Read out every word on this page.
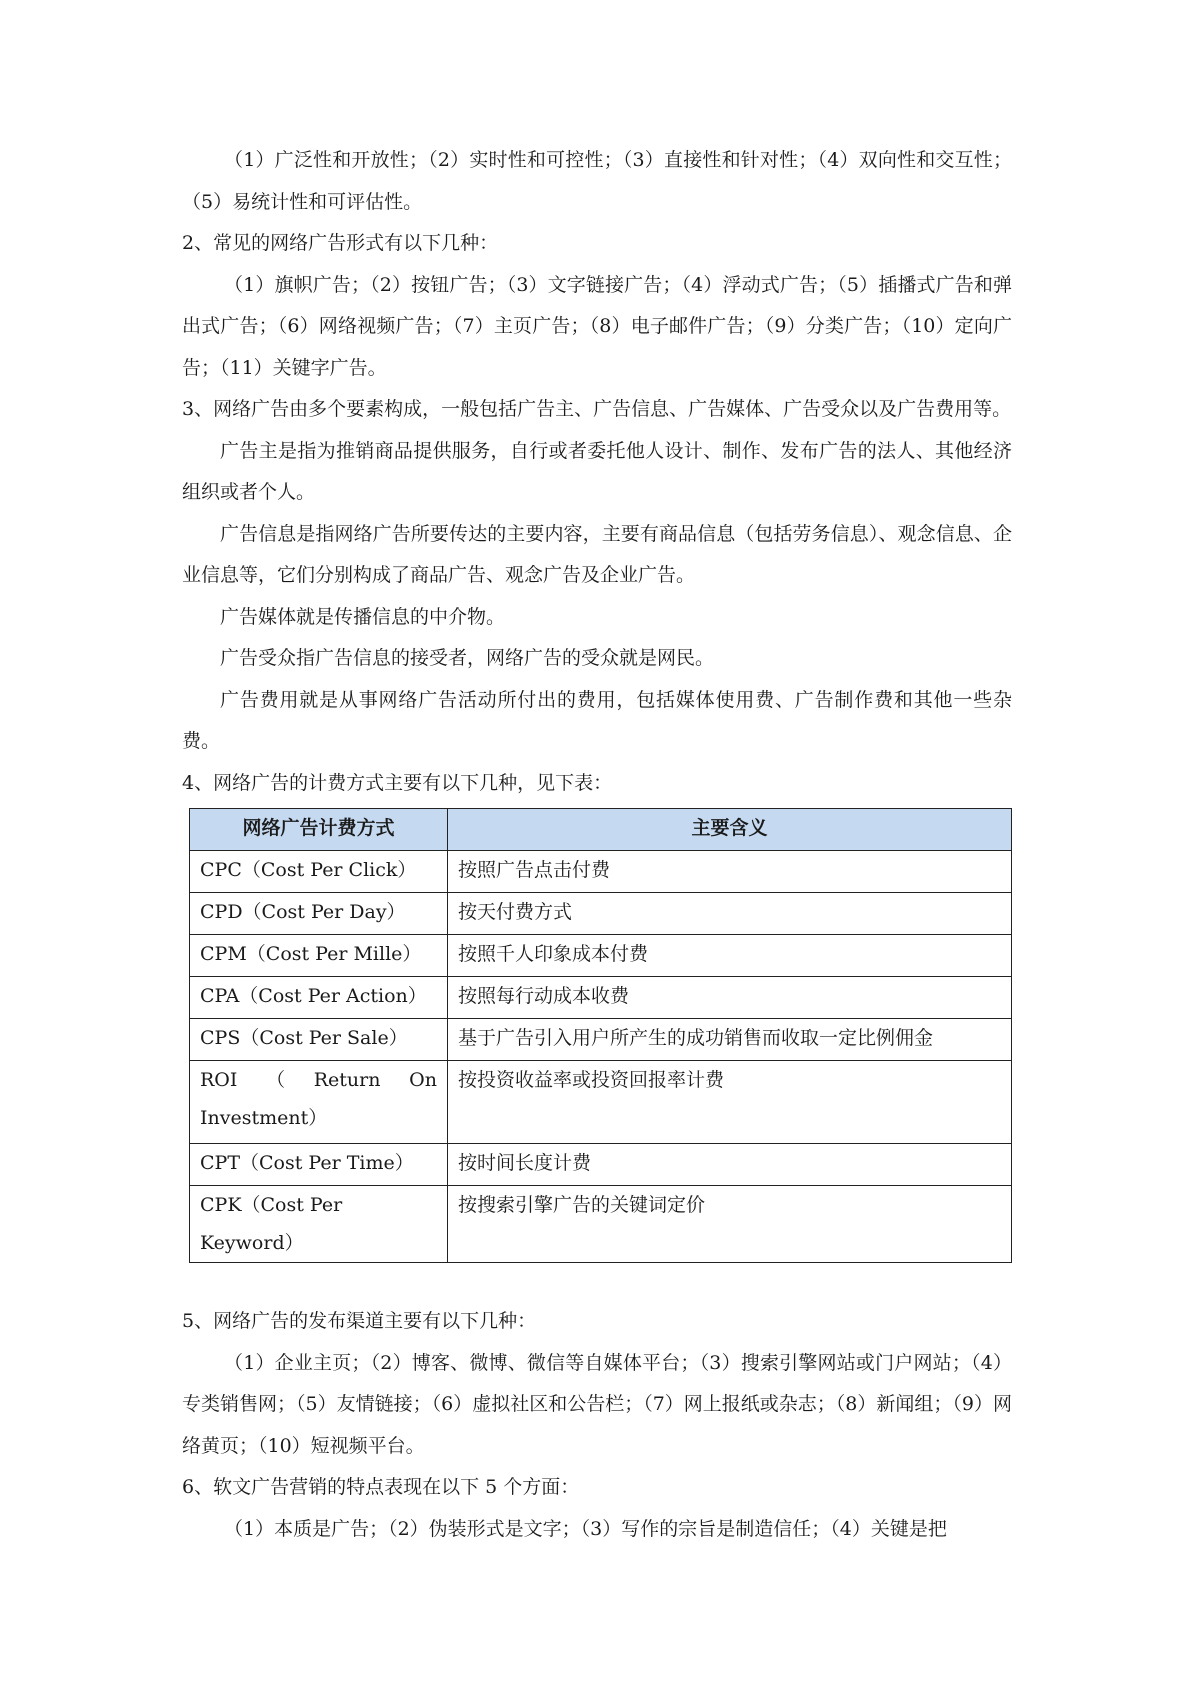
（1）广泛性和开放性；（2）实时性和可控性；（3）直接性和针对性；（4）双向性和交互性；（5）易统计性和可评估性。

2、常见的网络广告形式有以下几种：

（1）旗帜广告；（2）按钮广告；（3）文字链接广告；（4）浮动式广告；（5）插播式广告和弹出式广告；（6）网络视频广告；（7）主页广告；（8）电子邮件广告；（9）分类广告；（10）定向广告；（11）关键字广告。

3、网络广告由多个要素构成，一般包括广告主、广告信息、广告媒体、广告受众以及广告费用等。

广告主是指为推销商品提供服务，自行或者委托他人设计、制作、发布广告的法人、其他经济组织或者个人。

广告信息是指网络广告所要传达的主要内容，主要有商品信息（包括劳务信息）、观念信息、企业信息等，它们分别构成了商品广告、观念广告及企业广告。

广告媒体就是传播信息的中介物。

广告受众指广告信息的接受者，网络广告的受众就是网民。

广告费用就是从事网络广告活动所付出的费用，包括媒体使用费、广告制作费和其他一些杂费。

4、网络广告的计费方式主要有以下几种，见下表：

网络广告计费方式	主要含义
CPC（Cost Per Click）	按照广告点击付费
CPD（Cost Per Day）	按天付费方式
CPM（Cost Per Mille）	按照千人印象成本付费
CPA（Cost Per Action）	按照每行动成本收费
CPS（Cost Per Sale）	基于广告引入用户所产生的成功销售而收取一定比例佣金

ROI （ Return On
Investment）	按投资收益率或投资回报率计费
CPT（Cost Per Time）	按时间长度计费
CPK（Cost Per Keyword）	按搜索引擎广告的关键词定价

5、网络广告的发布渠道主要有以下几种：

（1）企业主页；（2）博客、微博、微信等自媒体平台；（3）搜索引擎网站或门户网站；（4）专类销售网；（5）友情链接；（6）虚拟社区和公告栏；（7）网上报纸或杂志；（8）新闻组；（9）网络黄页；（10）短视频平台。

6、软文广告营销的特点表现在以下 5 个方面：

（1）本质是广告；（2）伪装形式是文字；（3）写作的宗旨是制造信任；（4）关键是把
